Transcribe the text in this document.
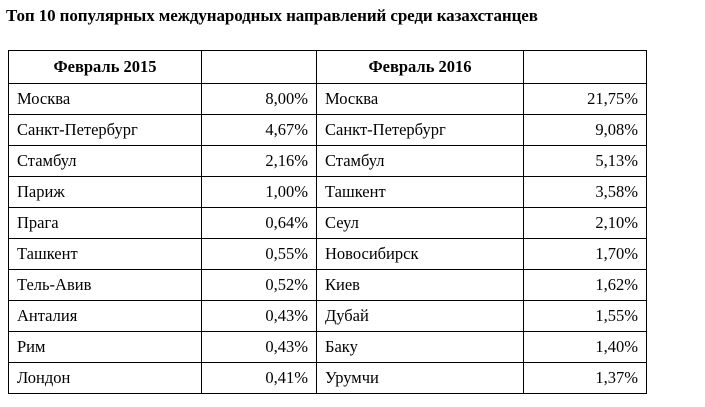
Топ 10 популярных международных направлений среди казахстанцев
Февраль 2015		Февраль 2016	
Москва	8,00%	Москва	21,75%
Санкт-Петербург	4,67%	Санкт-Петербург	9,08%
Стамбул	2,16%	Стамбул	5,13%
Париж	1,00%	Ташкент	3,58%
Прага	0,64%	Сеул	2,10%
Ташкент	0,55%	Новосибирск	1,70%
Тель-Авив	0,52%	Киев	1,62%
Анталия	0,43%	Дубай	1,55%
Рим	0,43%	Баку	1,40%
Лондон	0,41%	Урумчи	1,37%
